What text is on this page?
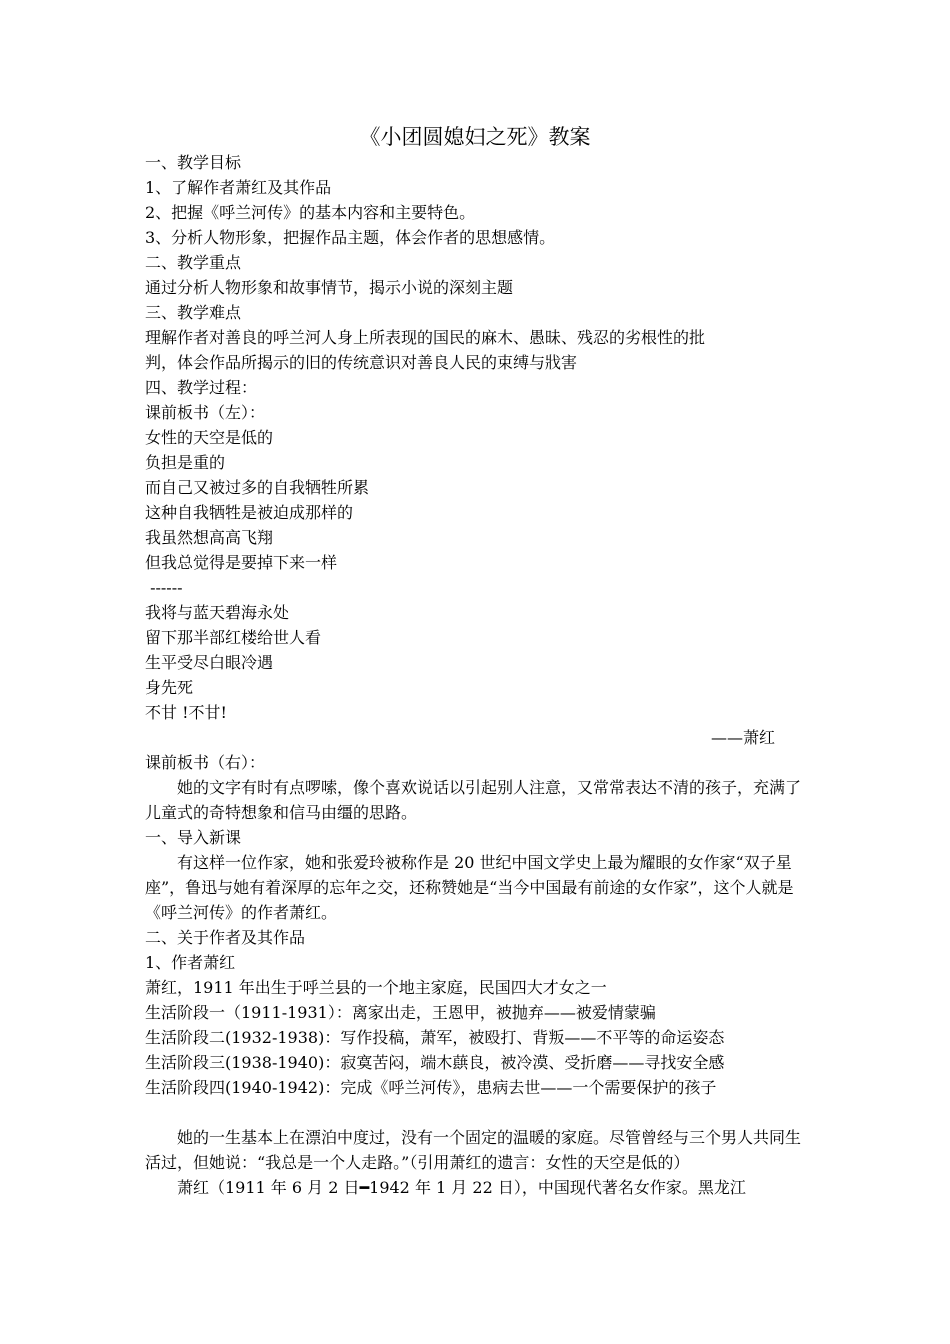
《小团圆媳妇之死》教案
一、教学目标
1、了解作者萧红及其作品
2、把握《呼兰河传》的基本内容和主要特色。
3、分析人物形象，把握作品主题，体会作者的思想感情。
二、教学重点
通过分析人物形象和故事情节，揭示小说的深刻主题
三、教学难点
理解作者对善良的呼兰河人身上所表现的国民的麻木、愚昧、残忍的劣根性的批
判，体会作品所揭示的旧的传统意识对善良人民的束缚与戕害
四、教学过程：
课前板书（左）：
女性的天空是低的
负担是重的
而自己又被过多的自我牺牲所累
这种自我牺牲是被迫成那样的
我虽然想高高飞翔
但我总觉得是要掉下来一样
------
我将与蓝天碧海永处
留下那半部红楼给世人看
生平受尽白眼冷遇
身先死
不甘 !不甘!
——萧红
课前板书（右）：
她的文字有时有点啰嗦，像个喜欢说话以引起别人注意，又常常表达不清的孩子，充满了儿童式的奇特想象和信马由缰的思路。
一、导入新课
有这样一位作家，她和张爱玲被称作是 20 世纪中国文学史上最为耀眼的女作家“双子星座”，鲁迅与她有着深厚的忘年之交，还称赞她是“当今中国最有前途的女作家”，这个人就是《呼兰河传》的作者萧红。
二、关于作者及其作品
1、作者萧红
萧红，1911 年出生于呼兰县的一个地主家庭，民国四大才女之一
生活阶段一（1911-1931）：离家出走，王恩甲，被抛弃——被爱情蒙骗
生活阶段二(1932-1938)：写作投稿，萧军，被殴打、背叛——不平等的命运姿态
生活阶段三(1938-1940)：寂寞苦闷，端木蕻良，被冷漠、受折磨——寻找安全感
生活阶段四(1940-1942)：完成《呼兰河传》，患病去世——一个需要保护的孩子
她的一生基本上在漂泊中度过，没有一个固定的温暖的家庭。尽管曾经与三个男人共同生活过，但她说：“我总是一个人走路。”（引用萧红的遗言：女性的天空是低的）
萧红（1911 年 6 月 2 日━1942 年 1 月 22 日），中国现代著名女作家。黑龙江
